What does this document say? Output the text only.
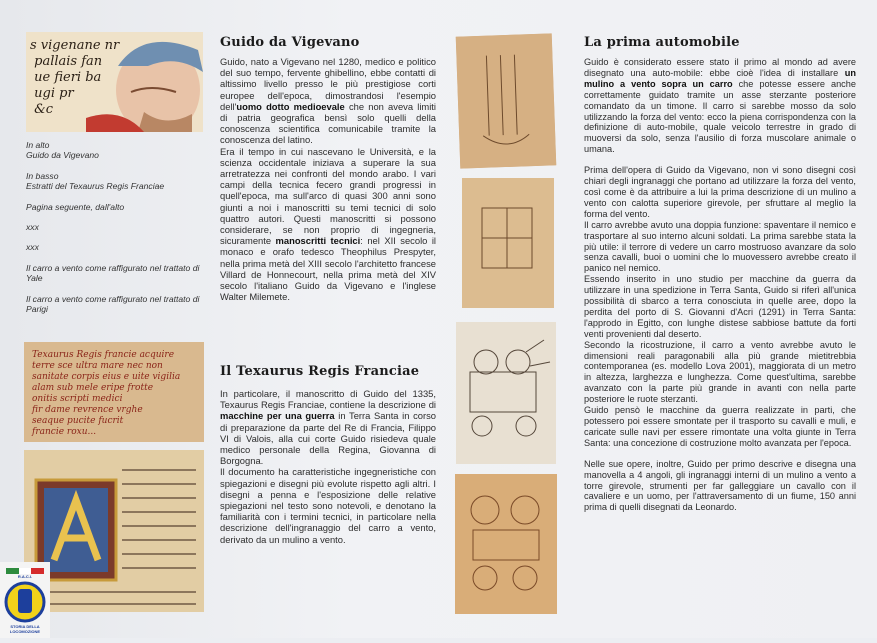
s vigenane nr
pallais fan
ue fieri ba
ugi pr
&c

In alto
Guido da Vigevano

In basso
Estratti del Texaurus Regis Franciae

Pagina seguente, dall'alto

xxx

xxx

Il carro a vento come raffigurato nel trattato di Yale

Il carro a vento come raffigurato nel trattato di Parigi

Texaurus Regis francie acquire
terre sce ultra mare nec non
sanitate corpis eius e uite vigilia
alam sub mele eripe frotte
onitis scripti medici
fir dame revrence vrghe
seaque pucite fucrit
francie roxu...
R.A.C.I.
STORIA DELLA LOCOMOZIONE
Guido da Vigevano

Guido, nato a Vigevano nel 1280, medico e politico del suo tempo, fervente ghibellino, ebbe contatti di altissimo livello presso le più prestigiose corti europee dell'epoca, dimostrandosi l'esempio dell'uomo dotto medioevale che non aveva limiti di patria geografica bensì solo quelli della conoscenza scientifica comunicabile tramite la conoscenza del latino.

Era il tempo in cui nascevano le Università, e la scienza occidentale iniziava a superare la sua arretratezza nei confronti del mondo arabo. I vari campi della tecnica fecero grandi progressi in quell'epoca, ma sull'arco di quasi 300 anni sono giunti a noi i manoscritti su temi tecnici di solo quattro autori. Questi manoscritti si possono considerare, se non proprio di ingegneria, sicuramente manoscritti tecnici: nel XII secolo il monaco e orafo tedesco Theophilus Prespyter, nella prima metà del XIII secolo l'architetto francese Villard de Honnecourt, nella prima metà del XIV secolo l'italiano Guido da Vigevano e l'inglese Walter Milemete.

Il Texaurus Regis Franciae

In particolare, il manoscritto di Guido del 1335, Texaurus Regis Franciae, contiene la descrizione di macchine per una guerra in Terra Santa in corso di preparazione da parte del Re di Francia, Filippo VI di Valois, alla cui corte Guido risiedeva quale medico personale della Regina, Giovanna di Borgogna.

Il documento ha caratteristiche ingegneristiche con spiegazioni e disegni più evolute rispetto agli altri. I disegni a penna e l'esposizione delle relative spiegazioni nel testo sono notevoli, e denotano la familiarità con i termini tecnici, in particolare nella descrizione dell'ingranaggio del carro a vento, derivato da un mulino a vento.

La prima automobile

Guido è considerato essere stato il primo al mondo ad avere disegnato una auto-mobile: ebbe cioè l'idea di installare un mulino a vento sopra un carro che potesse essere anche correttamente guidato tramite un asse sterzante posteriore comandato da un timone. Il carro si sarebbe mosso da solo utilizzando la forza del vento: ecco la piena corrispondenza con la definizione di auto-mobile, quale veicolo terrestre in grado di muoversi da solo, senza l'ausilio di forza muscolare animale o umana.

Prima dell'opera di Guido da Vigevano, non vi sono disegni così chiari degli ingranaggi che portano ad utilizzare la forza del vento, così come è da attribuire a lui la prima descrizione di un mulino a vento con calotta superiore girevole, per sfruttare al meglio la forma del vento.

Il carro avrebbe avuto una doppia funzione: spaventare il nemico e trasportare al suo interno alcuni soldati. La prima sarebbe stata la più utile: il terrore di vedere un carro mostruoso avanzare da solo senza cavalli, buoi o uomini che lo muovessero avrebbe creato il panico nel nemico.

Essendo inserito in uno studio per macchine da guerra da utilizzare in una spedizione in Terra Santa, Guido si riferì all'unica possibilità di sbarco a terra conosciuta in quelle aree, dopo la perdita del porto di S. Giovanni d'Acri (1291) in Terra Santa: l'approdo in Egitto, con lunghe distese sabbiose battute da forti venti provenienti dal deserto.

Secondo la ricostruzione, il carro a vento avrebbe avuto le dimensioni reali paragonabili alla più grande mietitrebbia contemporanea (es. modello Lova 2001), maggiorata di un metro in altezza, larghezza e lunghezza. Come quest'ultima, sarebbe avanzato con la parte più grande in avanti con nella parte posteriore le ruote sterzanti.

Guido pensò le macchine da guerra realizzate in parti, che potessero poi essere smontate per il trasporto su cavalli e muli, e caricate sulle navi per essere rimontate una volta giunte in Terra Santa: una concezione di costruzione molto avanzata per l'epoca.

Nelle sue opere, inoltre, Guido per primo descrive e disegna una manovella a 4 angoli, gli ingranaggi interni di un mulino a vento a torre girevole, strumenti per far galleggiare un cavallo con il cavaliere e un uomo, per l'attraversamento di un fiume, 150 anni prima di quelli disegnati da Leonardo.
